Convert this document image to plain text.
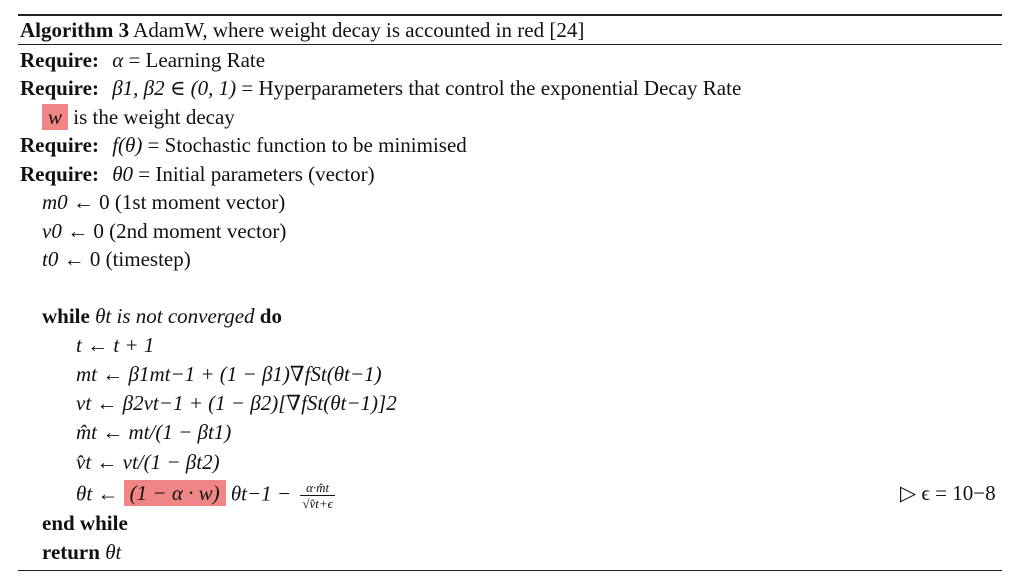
Algorithm 3 AdamW, where weight decay is accounted in red [24]
Require: α = Learning Rate
Require: β1, β2 ∈ (0, 1) = Hyperparameters that control the exponential Decay Rate
w is the weight decay
Require: f(θ) = Stochastic function to be minimised
Require: θ0 = Initial parameters (vector)
m0 ← 0 (1st moment vector)
v0 ← 0 (2nd moment vector)
t0 ← 0 (timestep)
while θt is not converged do
t ← t + 1
mt ← β1mt−1 + (1 − β1)∇fSt(θt−1)
vt ← β2vt−1 + (1 − β2)[∇fSt(θt−1)]2
m̂t ← mt/(1 − βt1)
v̂t ← vt/(1 − βt2)
θt ← (1 − α · w) $\theta t-1 - \frac{\alpha\cdot m̂t}{√v̂t+\epsilon}$	▷ ϵ = 10−8
end while
return θt
